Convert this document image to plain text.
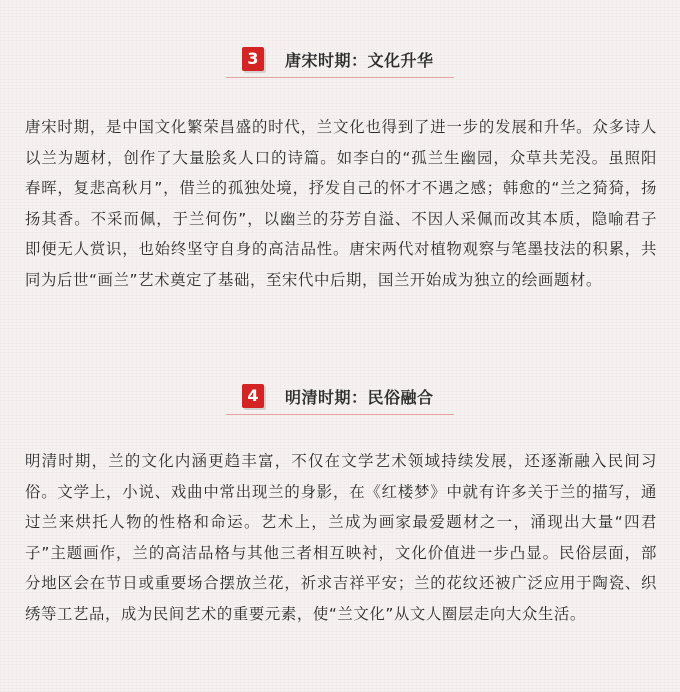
3	唐宋时期：文化升华
唐宋时期，是中国文化繁荣昌盛的时代，兰文化也得到了进一步的发展和升华。众多诗人以兰为题材，创作了大量脍炙人口的诗篇。如李白的“孤兰生幽园，众草共芜没。虽照阳春晖，复悲高秋月”，借兰的孤独处境，抒发自己的怀才不遇之感；韩愈的“兰之猗猗，扬扬其香。不采而佩，于兰何伤”，以幽兰的芬芳自溢、不因人采佩而改其本质，隐喻君子即便无人赏识，也始终坚守自身的高洁品性。唐宋两代对植物观察与笔墨技法的积累，共同为后世“画兰”艺术奠定了基础，至宋代中后期，国兰开始成为独立的绘画题材。
4	明清时期：民俗融合
明清时期，兰的文化内涵更趋丰富，不仅在文学艺术领域持续发展，还逐渐融入民间习俗。文学上，小说、戏曲中常出现兰的身影，在《红楼梦》中就有许多关于兰的描写，通过兰来烘托人物的性格和命运。艺术上，兰成为画家最爱题材之一，涌现出大量“四君子”主题画作，兰的高洁品格与其他三者相互映衬，文化价值进一步凸显。民俗层面，部分地区会在节日或重要场合摆放兰花，祈求吉祥平安；兰的花纹还被广泛应用于陶瓷、织绣等工艺品，成为民间艺术的重要元素，使“兰文化”从文人圈层走向大众生活。
